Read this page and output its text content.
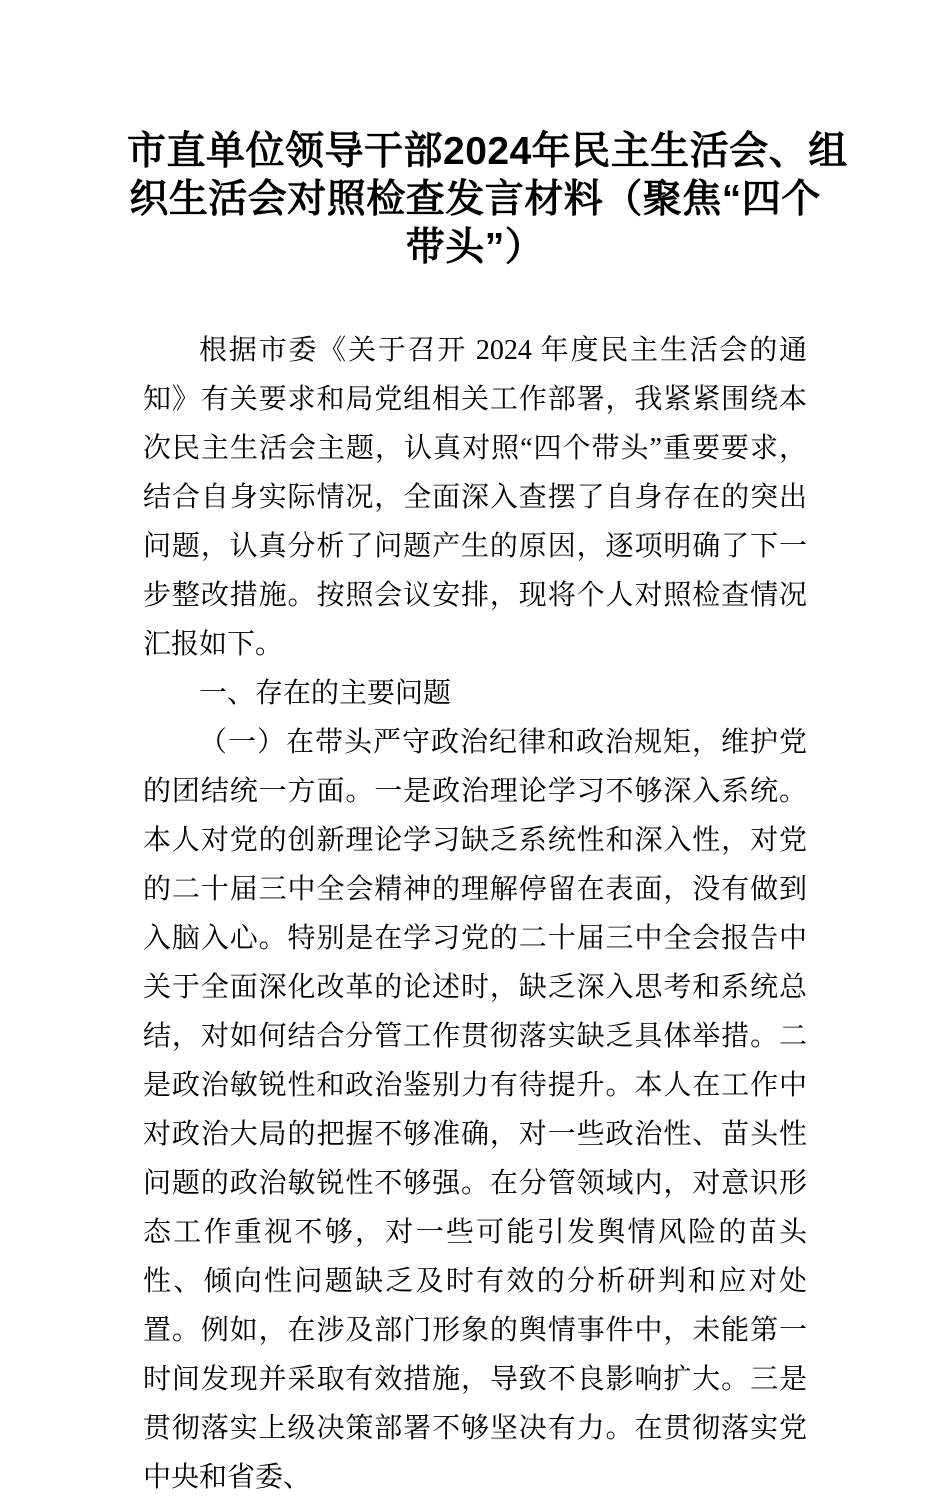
市直单位领导干部2024年民主生活会、组
织生活会对照检查发言材料（聚焦“四个
带头”）

根据市委《关于召开 2024 年度民主生活会的通知》有关要求和局党组相关工作部署，我紧紧围绕本次民主生活会主题，认真对照“四个带头”重要要求，结合自身实际情况，全面深入查摆了自身存在的突出问题，认真分析了问题产生的原因，逐项明确了下一步整改措施。按照会议安排，现将个人对照检查情况汇报如下。

一、存在的主要问题

（一）在带头严守政治纪律和政治规矩，维护党的团结统一方面。一是政治理论学习不够深入系统。本人对党的创新理论学习缺乏系统性和深入性，对党的二十届三中全会精神的理解停留在表面，没有做到入脑入心。特别是在学习党的二十届三中全会报告中关于全面深化改革的论述时，缺乏深入思考和系统总结，对如何结合分管工作贯彻落实缺乏具体举措。二是政治敏锐性和政治鉴别力有待提升。本人在工作中对政治大局的把握不够准确，对一些政治性、苗头性问题的政治敏锐性不够强。在分管领域内，对意识形态工作重视不够，对一些可能引发舆情风险的苗头性、倾向性问题缺乏及时有效的分析研判和应对处置。例如，在涉及部门形象的舆情事件中，未能第一时间发现并采取有效措施，导致不良影响扩大。三是贯彻落实上级决策部署不够坚决有力。在贯彻落实党中央和省委、
